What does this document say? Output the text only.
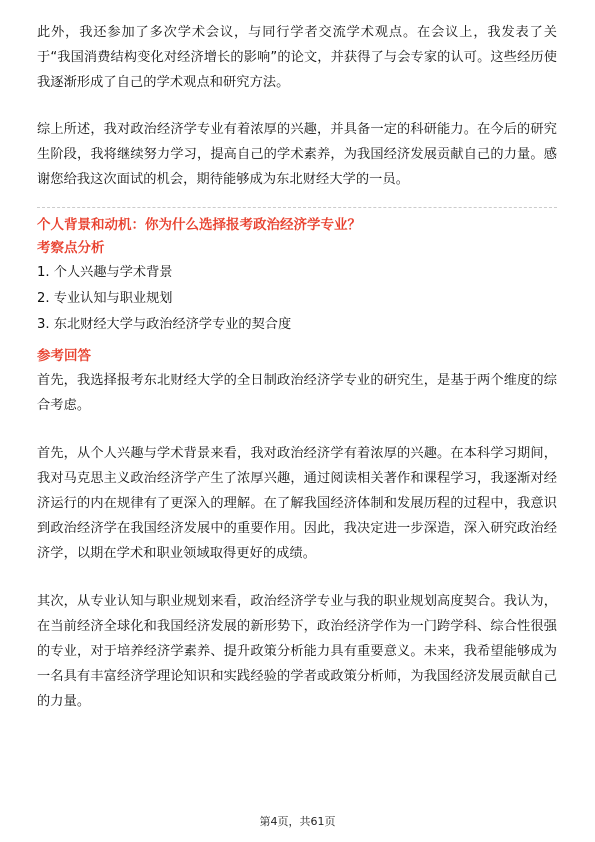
此外，我还参加了多次学术会议，与同行学者交流学术观点。在会议上，我发表了关于“我国消费结构变化对经济增长的影响”的论文，并获得了与会专家的认可。这些经历使我逐渐形成了自己的学术观点和研究方法。

综上所述，我对政治经济学专业有着浓厚的兴趣，并具备一定的科研能力。在今后的研究生阶段，我将继续努力学习，提高自己的学术素养，为我国经济发展贡献自己的力量。感谢您给我这次面试的机会，期待能够成为东北财经大学的一员。

个人背景和动机：你为什么选择报考政治经济学专业？

考察点分析

1. 个人兴趣与学术背景

2. 专业认知与职业规划

3. 东北财经大学与政治经济学专业的契合度

参考回答

首先，我选择报考东北财经大学的全日制政治经济学专业的研究生，是基于两个维度的综合考虑。

首先，从个人兴趣与学术背景来看，我对政治经济学有着浓厚的兴趣。在本科学习期间，我对马克思主义政治经济学产生了浓厚兴趣，通过阅读相关著作和课程学习，我逐渐对经济运行的内在规律有了更深入的理解。在了解我国经济体制和发展历程的过程中，我意识到政治经济学在我国经济发展中的重要作用。因此，我决定进一步深造，深入研究政治经济学，以期在学术和职业领域取得更好的成绩。

其次，从专业认知与职业规划来看，政治经济学专业与我的职业规划高度契合。我认为，在当前经济全球化和我国经济发展的新形势下，政治经济学作为一门跨学科、综合性很强的专业，对于培养经济学素养、提升政策分析能力具有重要意义。未来，我希望能够成为一名具有丰富经济学理论知识和实践经验的学者或政策分析师，为我国经济发展贡献自己的力量。

第4页，共61页
